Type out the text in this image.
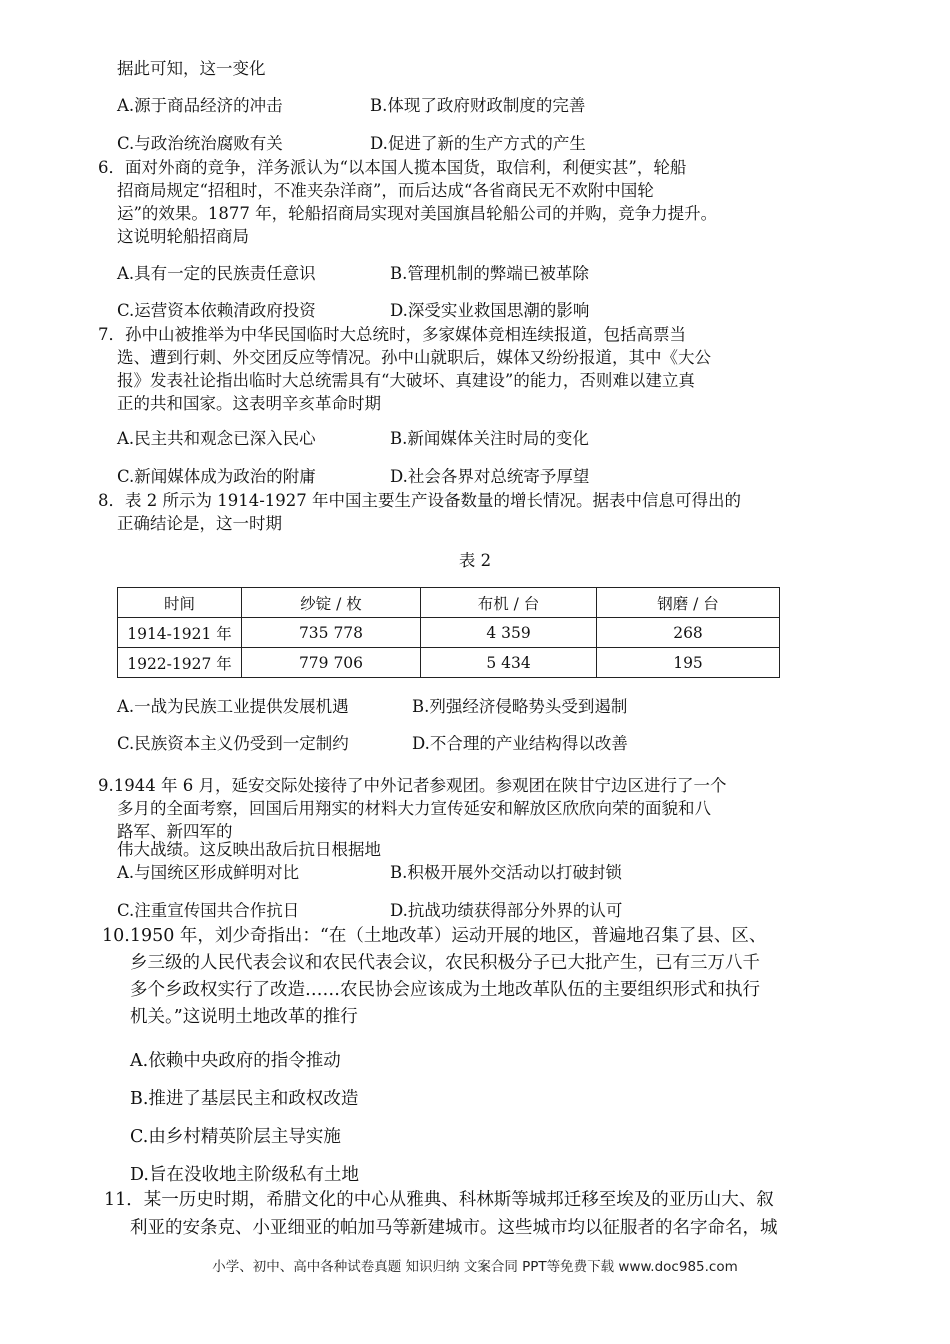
据此可知，这一变化
A.源于商品经济的冲击	B.体现了政府财政制度的完善
C.与政治统治腐败有关	D.促进了新的生产方式的产生
6．面对外商的竞争，洋务派认为“以本国人揽本国货，取信利，利便实甚”，轮船
招商局规定“招租时，不准夹杂洋商”，而后达成“各省商民无不欢附中国轮
运”的效果。1877 年，轮船招商局实现对美国旗昌轮船公司的并购，竞争力提升。
这说明轮船招商局
A.具有一定的民族责任意识	B.管理机制的弊端已被革除
C.运营资本依赖清政府投资	D.深受实业救国思潮的影响
7．孙中山被推举为中华民国临时大总统时，多家媒体竞相连续报道，包括高票当
选、遭到行刺、外交团反应等情况。孙中山就职后，媒体又纷纷报道，其中《大公
报》发表社论指出临时大总统需具有“大破坏、真建设”的能力，否则难以建立真
正的共和国家。这表明辛亥革命时期
A.民主共和观念已深入民心	B.新闻媒体关注时局的变化
C.新闻媒体成为政治的附庸	D.社会各界对总统寄予厚望
8．表 2 所示为 1914-1927 年中国主要生产设备数量的增长情况。据表中信息可得出的
正确结论是，这一时期
表 2
时间	纱锭 / 枚	布机 / 台	钢磨 / 台
1914-1921 年	735 778	4 359	268
1922-1927 年	779 706	5 434	195
A.一战为民族工业提供发展机遇	B.列强经济侵略势头受到遏制
C.民族资本主义仍受到一定制约	D.不合理的产业结构得以改善
9.1944 年 6 月，延安交际处接待了中外记者参观团。参观团在陕甘宁边区进行了一个
多月的全面考察，回国后用翔实的材料大力宣传延安和解放区欣欣向荣的面貌和八
路军、新四军的
伟大战绩。这反映出敌后抗日根据地
A.与国统区形成鲜明对比	B.积极开展外交活动以打破封锁
C.注重宣传国共合作抗日	D.抗战功绩获得部分外界的认可
10.1950 年，刘少奇指出：“在（土地改革）运动开展的地区，普遍地召集了县、区、
乡三级的人民代表会议和农民代表会议，农民积极分子已大批产生，已有三万八千
多个乡政权实行了改造……农民协会应该成为土地改革队伍的主要组织形式和执行
机关。”这说明土地改革的推行
A.依赖中央政府的指令推动
B.推进了基层民主和政权改造
C.由乡村精英阶层主导实施
D.旨在没收地主阶级私有土地
11．某一历史时期，希腊文化的中心从雅典、科林斯等城邦迁移至埃及的亚历山大、叙
利亚的安条克、小亚细亚的帕加马等新建城市。这些城市均以征服者的名字命名，城
小学、初中、高中各种试卷真题 知识归纳 文案合同 PPT等免费下载 www.doc985.com
